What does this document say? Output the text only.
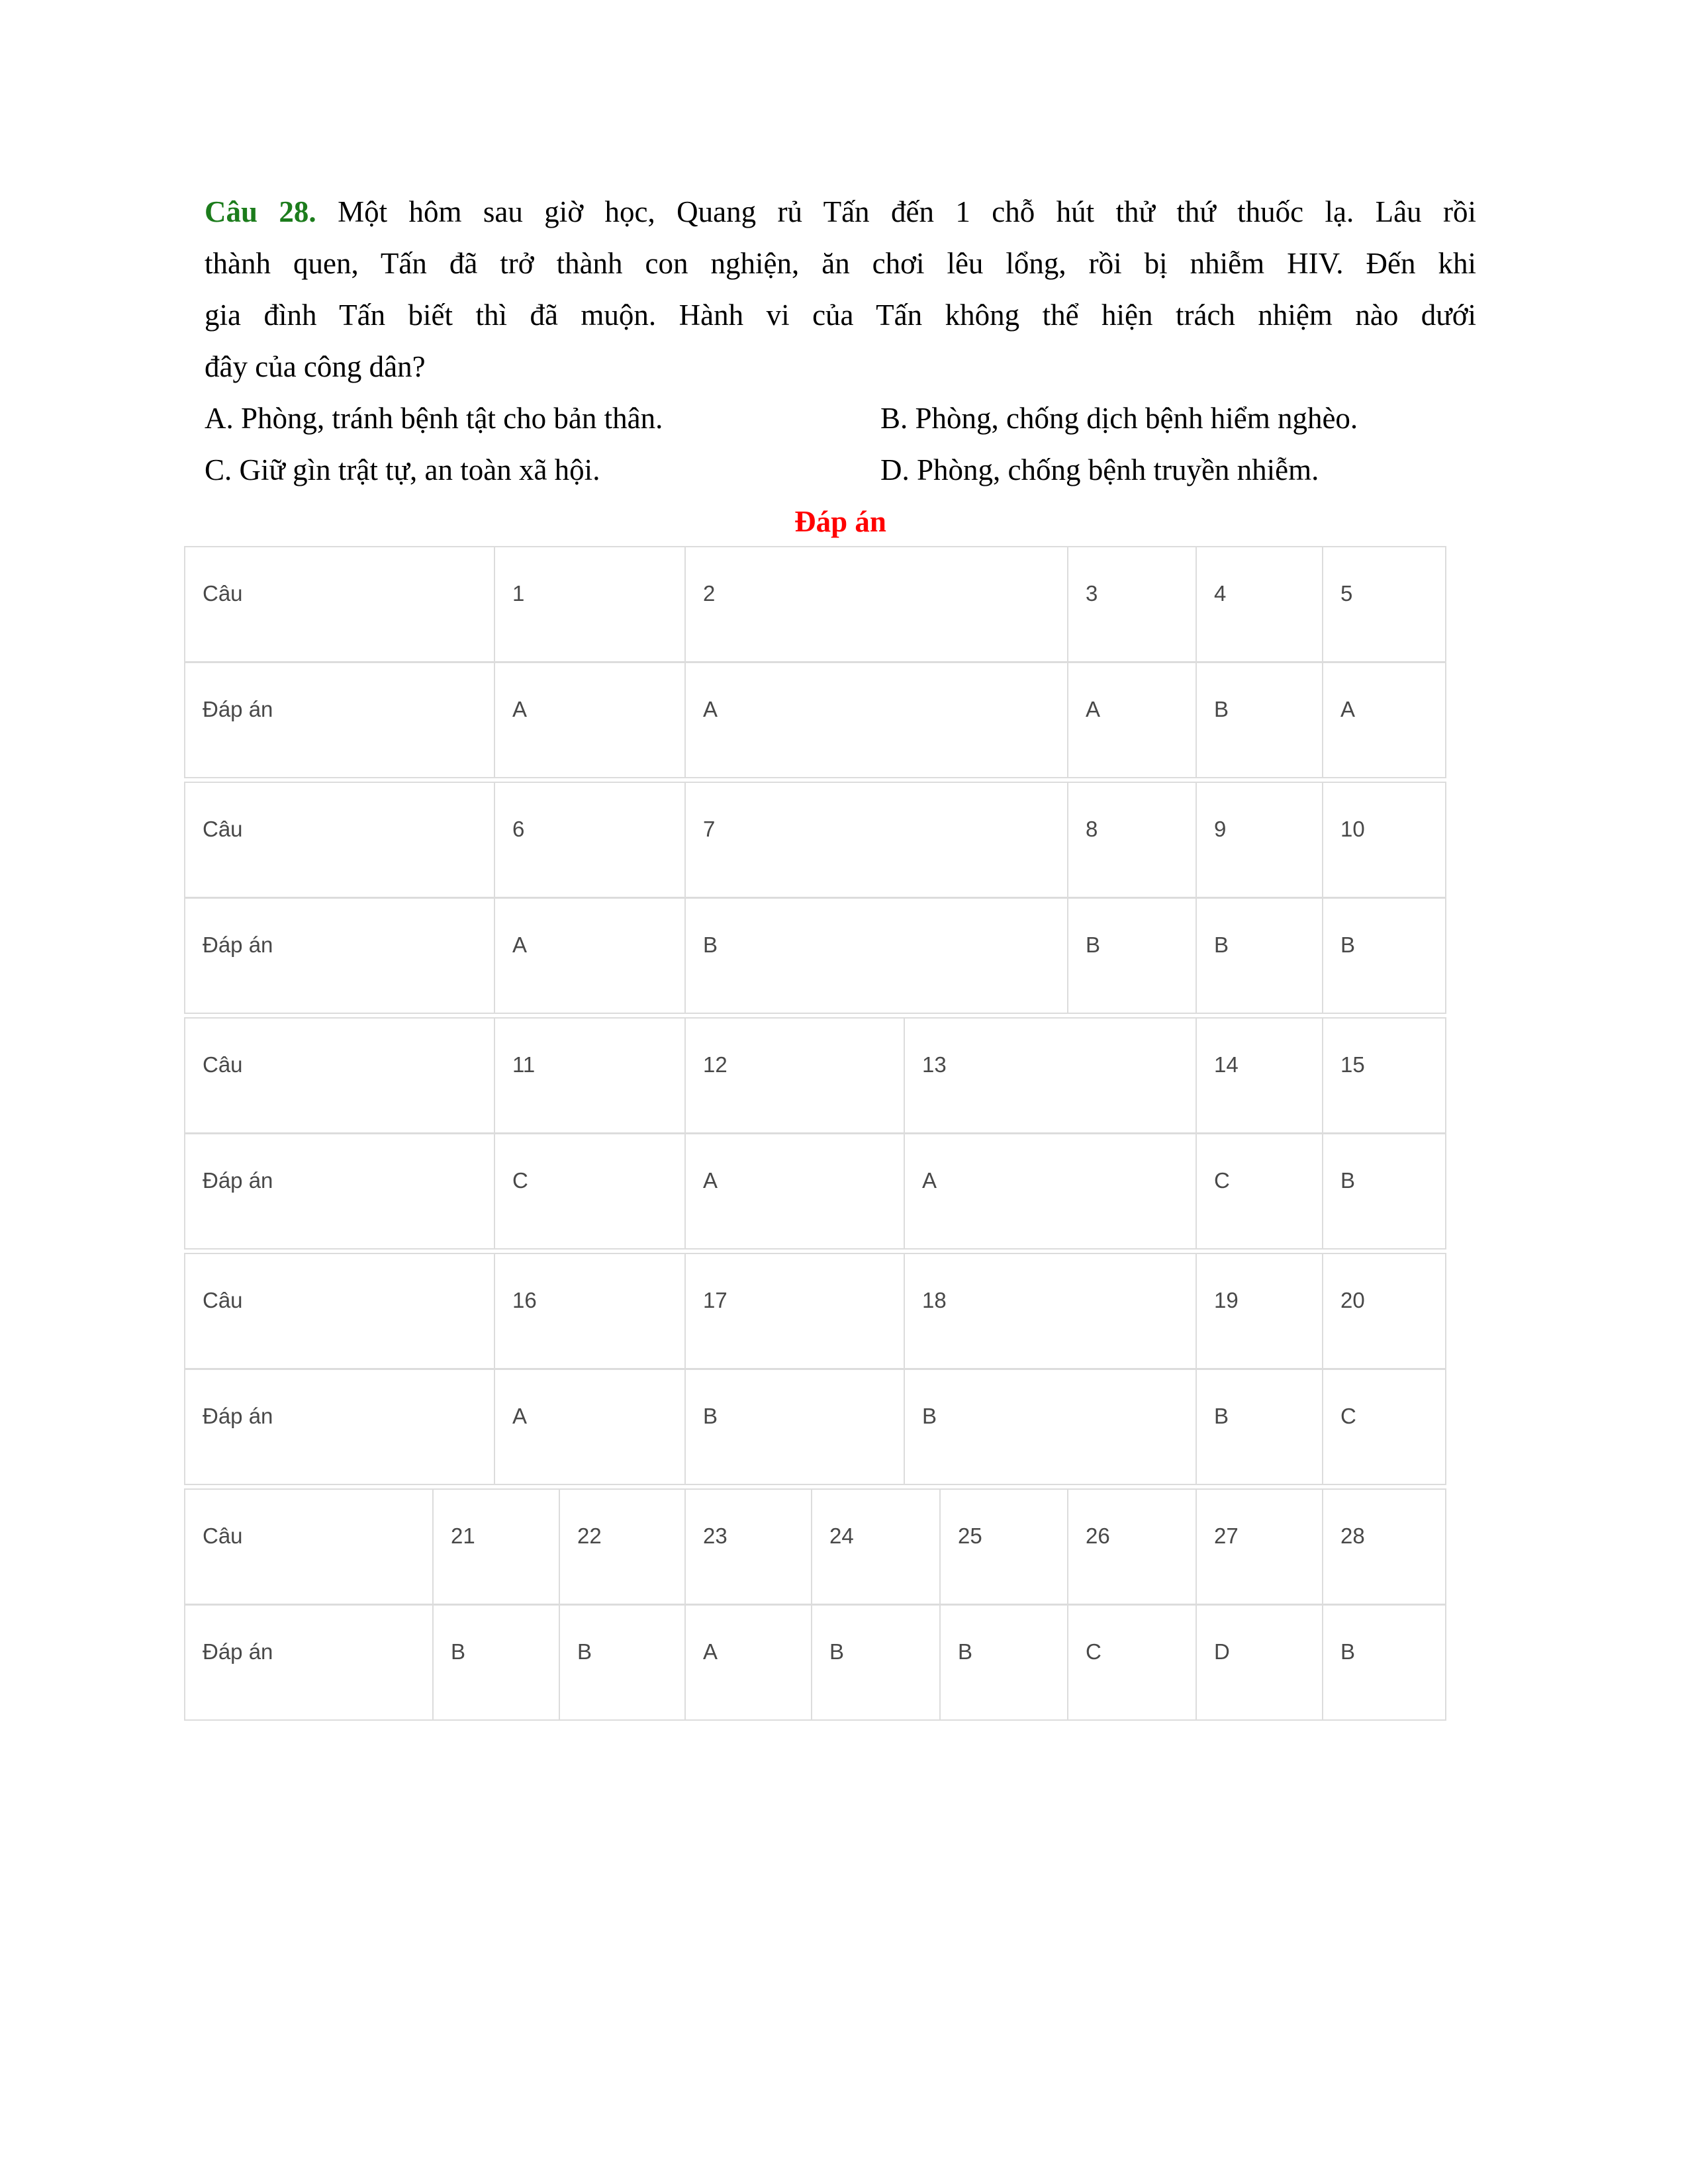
Câu 28. Một hôm sau giờ học, Quang rủ Tấn đến 1 chỗ hút thử thứ thuốc lạ. Lâu rồi
thành quen, Tấn đã trở thành con nghiện, ăn chơi lêu lổng, rồi bị nhiễm HIV. Đến khi
gia đình Tấn biết thì đã muộn. Hành vi của Tấn không thể hiện trách nhiệm nào dưới
đây của công dân?
A. Phòng, tránh bệnh tật cho bản thân.	B. Phòng, chống dịch bệnh hiểm nghèo.
C. Giữ gìn trật tự, an toàn xã hội.	D. Phòng, chống bệnh truyền nhiễm.
Đáp án
Câu	1	2	3	4	5
Đáp án	A	A	A	B	A
Câu	6	7	8	9	10
Đáp án	A	B	B	B	B
Câu	11	12	13	14	15
Đáp án	C	A	A	C	B
Câu	16	17	18	19	20
Đáp án	A	B	B	B	C
Câu	21	22	23	24	25	26	27	28
Đáp án	B	B	A	B	B	C	D	B
